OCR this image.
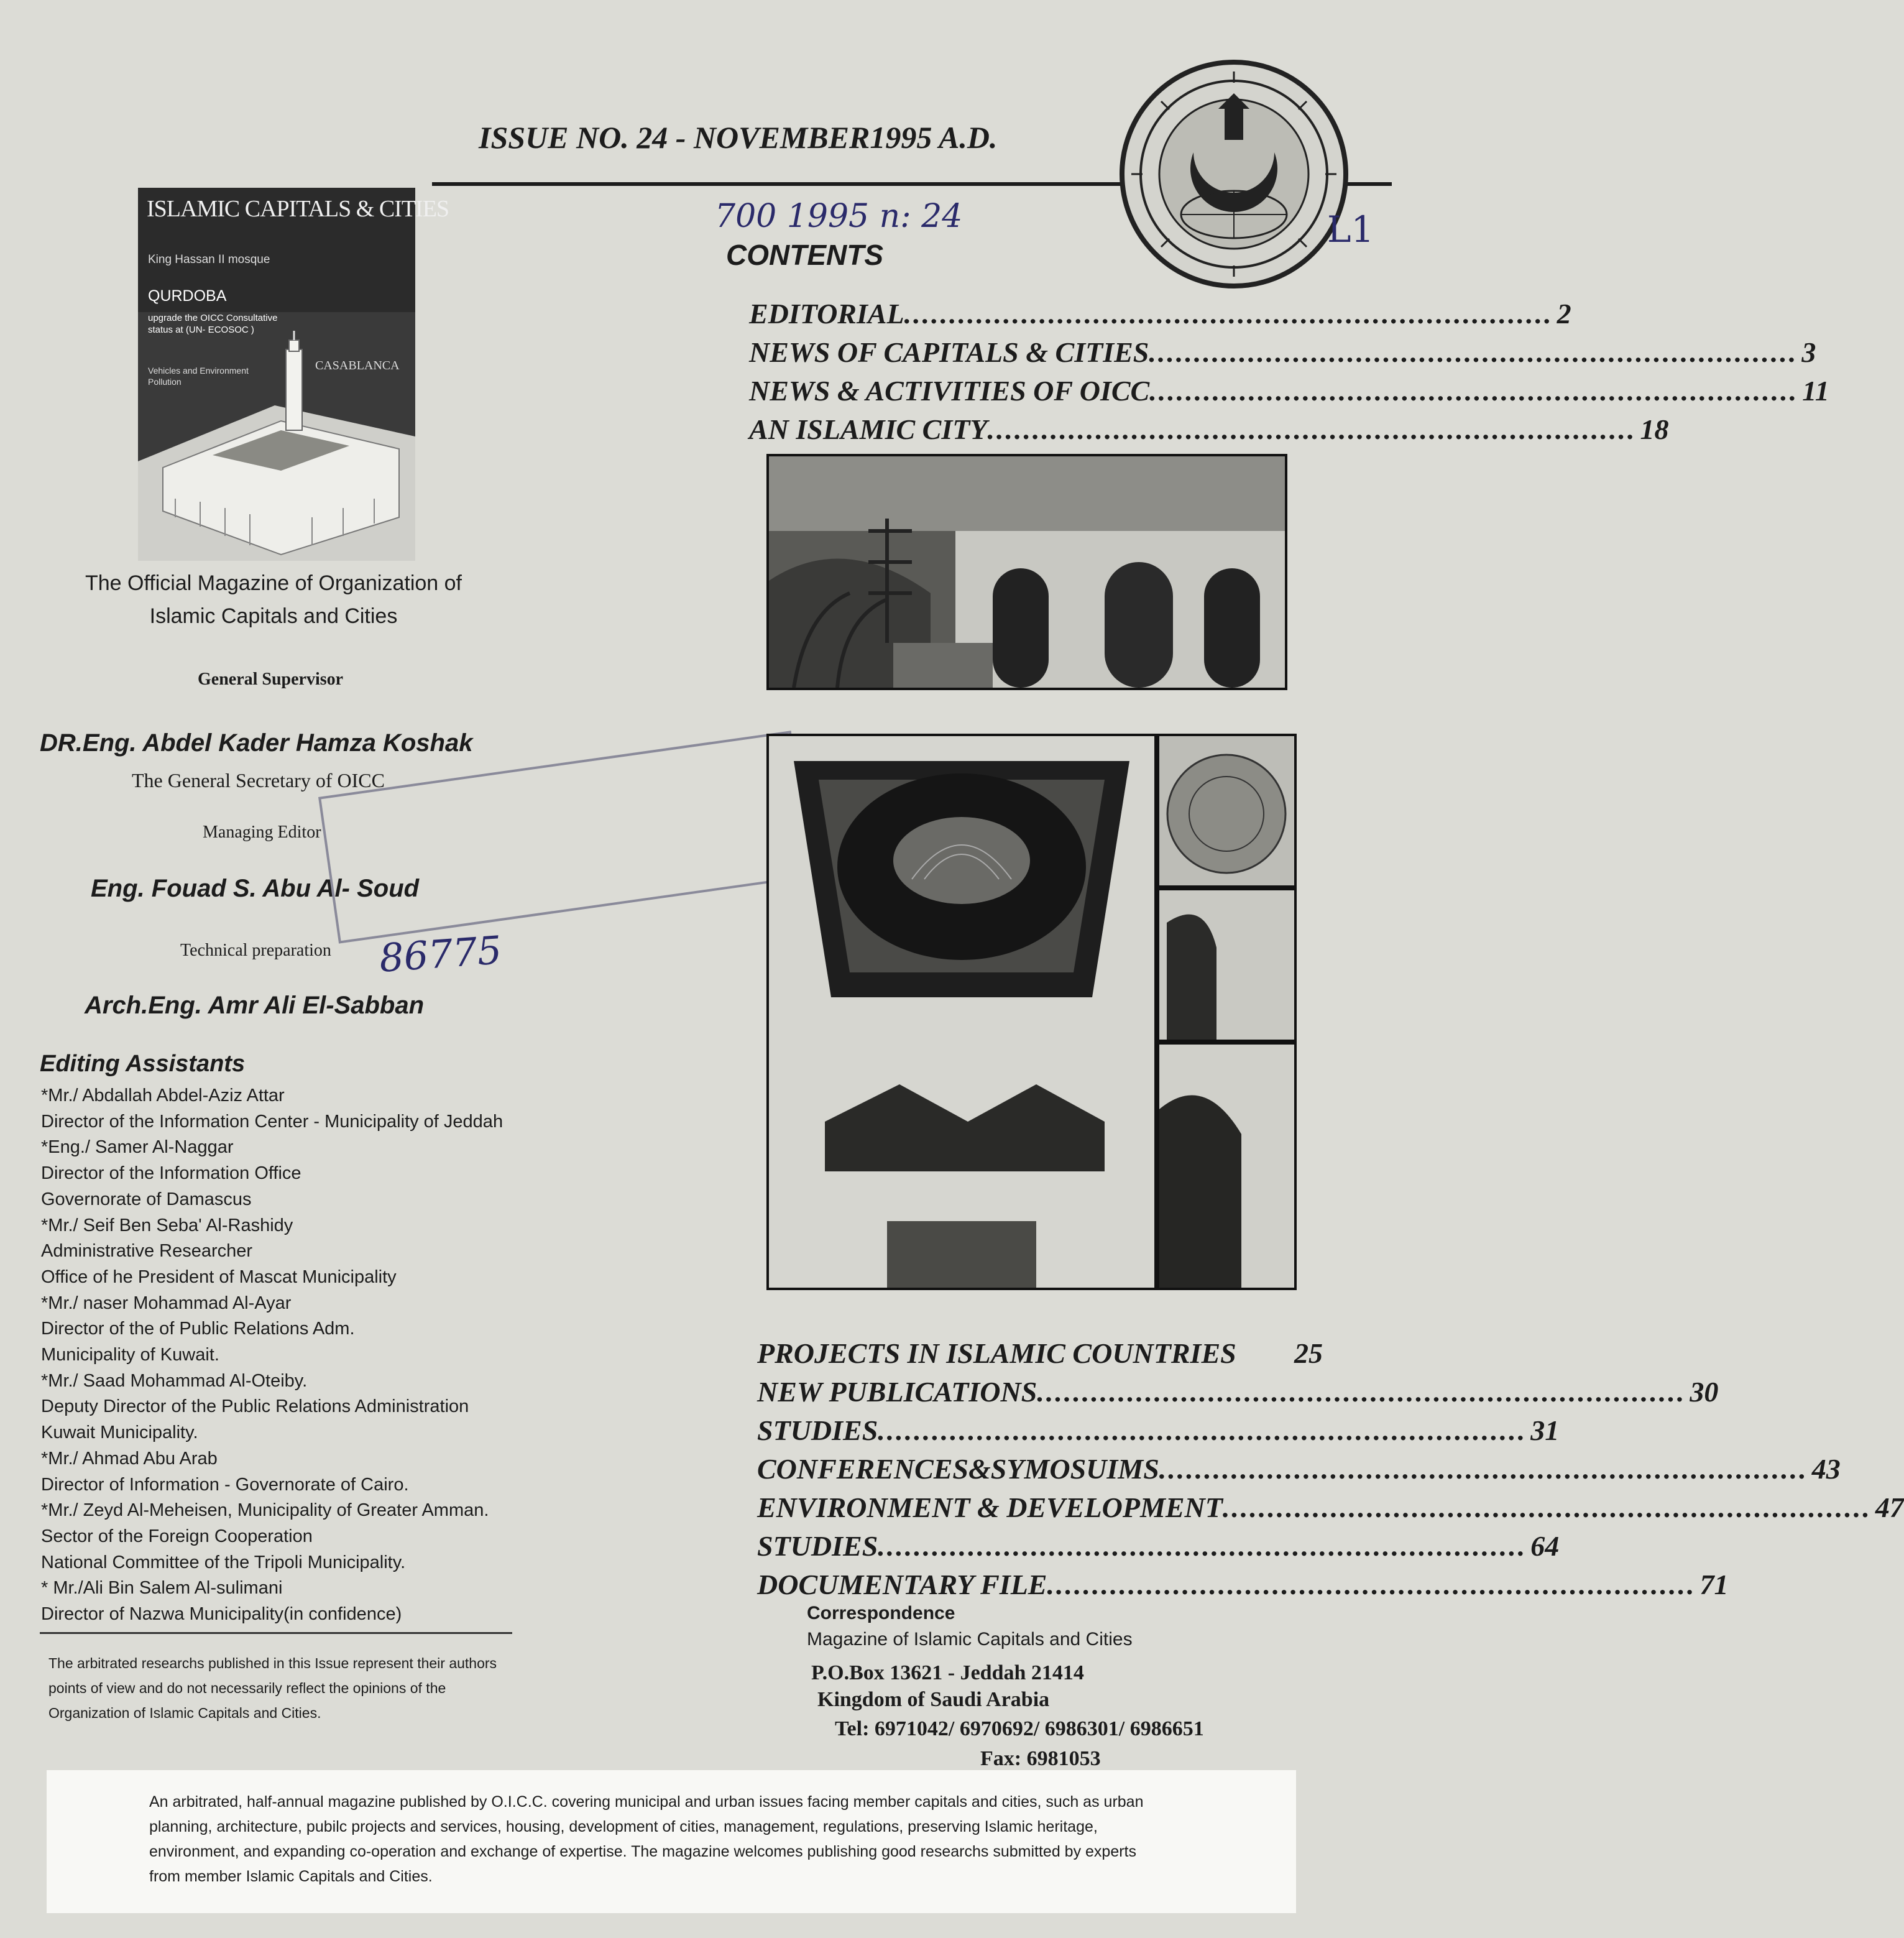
ISSUE NO. 24 - NOVEMBER1995 A.D.
700 1995 n: 24	L1
CONTENTS
EDITORIAL ........................................................................ 2
NEWS OF CAPITALS & CITIES ........................................................................ 3
NEWS & ACTIVITIES OF OICC ........................................................................ 11
AN ISLAMIC CITY ........................................................................ 18
ISLAMIC CAPITALS & CITIES
King Hassan II mosque
QURDOBA
upgrade the OICC Consultative status at (UN- ECOSOC )
Vehicles and Environment Pollution
CASABLANCA
The Official Magazine of Organization of Islamic Capitals and Cities
General Supervisor
DR.Eng. Abdel Kader Hamza Koshak
The General Secretary of OICC
Managing Editor
Eng. Fouad S. Abu Al- Soud
Technical preparation
Arch.Eng. Amr Ali El-Sabban
86775
Editing Assistants
*Mr./ Abdallah Abdel-Aziz Attar
Director of the Information Center - Municipality of Jeddah
*Eng./ Samer Al-Naggar
Director of the Information Office
Governorate of Damascus
*Mr./ Seif Ben Seba' Al-Rashidy
Administrative Researcher
Office of he President of Mascat Municipality
*Mr./ naser Mohammad Al-Ayar
Director of the of Public Relations Adm.
Municipality of Kuwait.
*Mr./ Saad Mohammad Al-Oteiby.
Deputy Director of the Public Relations Administration
Kuwait Municipality.
*Mr./ Ahmad Abu Arab
Director of Information - Governorate of Cairo.
*Mr./ Zeyd Al-Meheisen, Municipality of Greater Amman.
Sector of the Foreign Cooperation
National Committee of the Tripoli Municipality.
* Mr./Ali Bin Salem Al-sulimani
Director of Nazwa Municipality(in confidence)
The arbitrated researchs published in this Issue represent their authors points of view and do not necessarily reflect the opinions of the Organization of Islamic Capitals and Cities.
PROJECTS IN ISLAMIC COUNTRIES 25
NEW PUBLICATIONS ........................................................................ 30
STUDIES ........................................................................ 31
CONFERENCES&SYMOSUIMS ........................................................................ 43
ENVIRONMENT & DEVELOPMENT ........................................................................ 47
STUDIES ........................................................................ 64
DOCUMENTARY FILE ........................................................................ 71
Correspondence
Magazine of Islamic Capitals and Cities
P.O.Box 13621 - Jeddah 21414
Kingdom of Saudi Arabia
Tel: 6971042/ 6970692/ 6986301/ 6986651
Fax: 6981053
An arbitrated, half-annual magazine published by O.I.C.C. covering municipal and urban issues facing member capitals and cities, such as urban planning, architecture, pubilc projects and services, housing, development of cities, management, regulations, preserving Islamic heritage, environment, and expanding co-operation and exchange of expertise. The magazine welcomes publishing good researchs submitted by experts from member Islamic Capitals and Cities.
